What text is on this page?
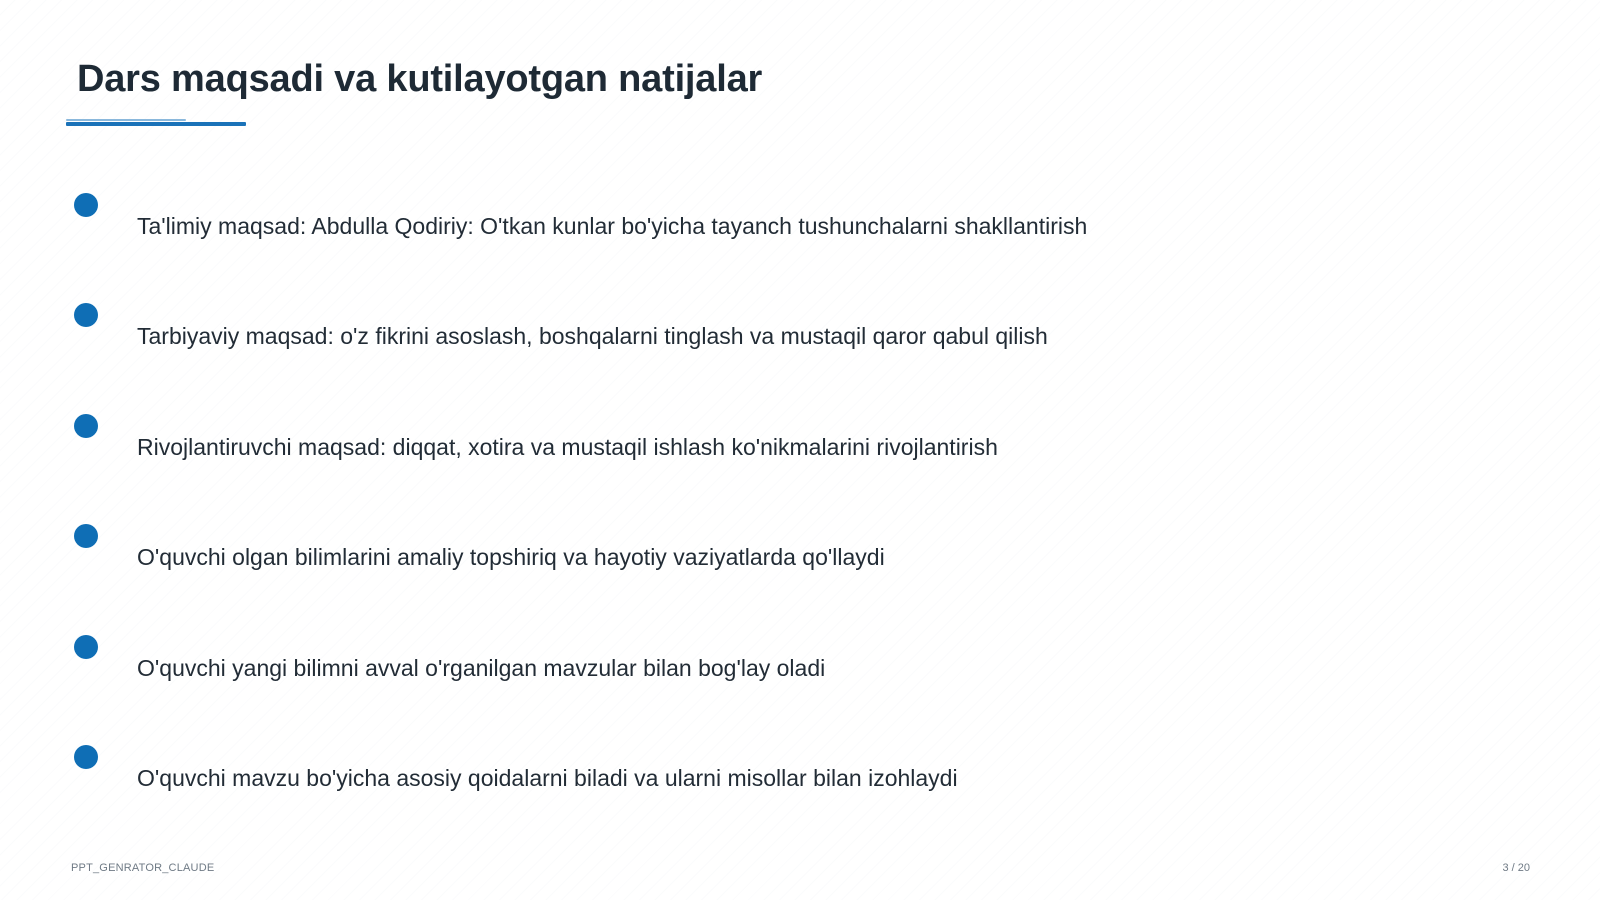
Dars maqsadi va kutilayotgan natijalar
Ta'limiy maqsad: Abdulla Qodiriy: O'tkan kunlar bo'yicha tayanch tushunchalarni shakllantirish
Tarbiyaviy maqsad: o'z fikrini asoslash, boshqalarni tinglash va mustaqil qaror qabul qilish
Rivojlantiruvchi maqsad: diqqat, xotira va mustaqil ishlash ko'nikmalarini rivojlantirish
O'quvchi olgan bilimlarini amaliy topshiriq va hayotiy vaziyatlarda qo'llaydi
O'quvchi yangi bilimni avval o'rganilgan mavzular bilan bog'lay oladi
O'quvchi mavzu bo'yicha asosiy qoidalarni biladi va ularni misollar bilan izohlaydi
PPT_GENRATOR_CLAUDE	3 / 20
